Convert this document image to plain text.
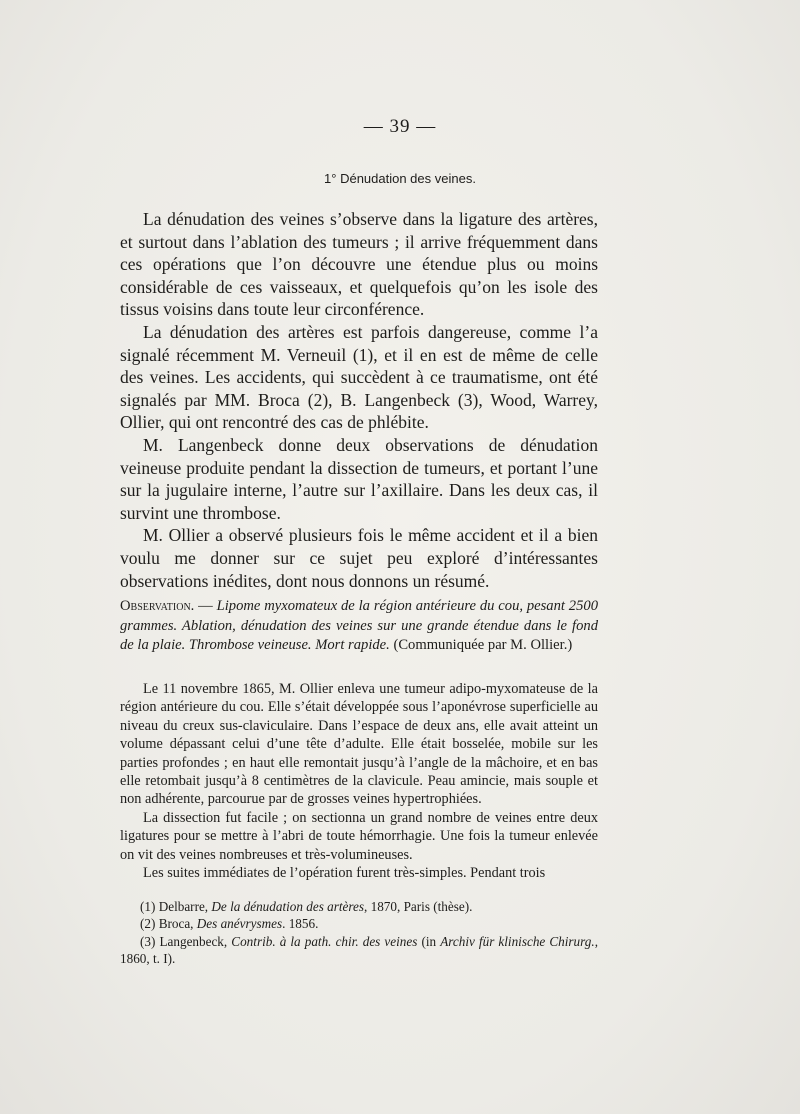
— 39 —
1° Dénudation des veines.

La dénudation des veines s’observe dans la ligature des artères, et surtout dans l’ablation des tumeurs ; il arrive fréquemment dans ces opérations que l’on découvre une étendue plus ou moins considérable de ces vaisseaux, et quelquefois qu’on les isole des tissus voisins dans toute leur circonférence.

La dénudation des artères est parfois dangereuse, comme l’a signalé récemment M. Verneuil (1), et il en est de même de celle des veines. Les accidents, qui succèdent à ce traumatisme, ont été signalés par MM. Broca (2), B. Langenbeck (3), Wood, Warrey, Ollier, qui ont rencontré des cas de phlébite.

M. Langenbeck donne deux observations de dénudation veineuse produite pendant la dissection de tumeurs, et portant l’une sur la jugulaire interne, l’autre sur l’axillaire. Dans les deux cas, il survint une thrombose.

M. Ollier a observé plusieurs fois le même accident et il a bien voulu me donner sur ce sujet peu exploré d’intéressantes observations inédites, dont nous donnons un résumé.

Observation. — Lipome myxomateux de la région antérieure du cou, pesant 2500 grammes. Ablation, dénudation des veines sur une grande étendue dans le fond de la plaie. Thrombose veineuse. Mort rapide. (Communiquée par M. Ollier.)

Le 11 novembre 1865, M. Ollier enleva une tumeur adipo-myxomateuse de la région antérieure du cou. Elle s’était développée sous l’aponévrose superficielle au niveau du creux sus-claviculaire. Dans l’espace de deux ans, elle avait atteint un volume dépassant celui d’une tête d’adulte. Elle était bosselée, mobile sur les parties profondes ; en haut elle remontait jusqu’à l’angle de la mâchoire, et en bas elle retombait jusqu’à 8 centimètres de la clavicule. Peau amincie, mais souple et non adhérente, parcourue par de grosses veines hypertrophiées.

La dissection fut facile ; on sectionna un grand nombre de veines entre deux ligatures pour se mettre à l’abri de toute hémorrhagie. Une fois la tumeur enlevée on vit des veines nombreuses et très-volumineuses.

Les suites immédiates de l’opération furent très-simples. Pendant trois

(1) Delbarre, De la dénudation des artères, 1870, Paris (thèse).

(2) Broca, Des anévrysmes. 1856.

(3) Langenbeck, Contrib. à la path. chir. des veines (in Archiv für klinische Chirurg., 1860, t. I).
